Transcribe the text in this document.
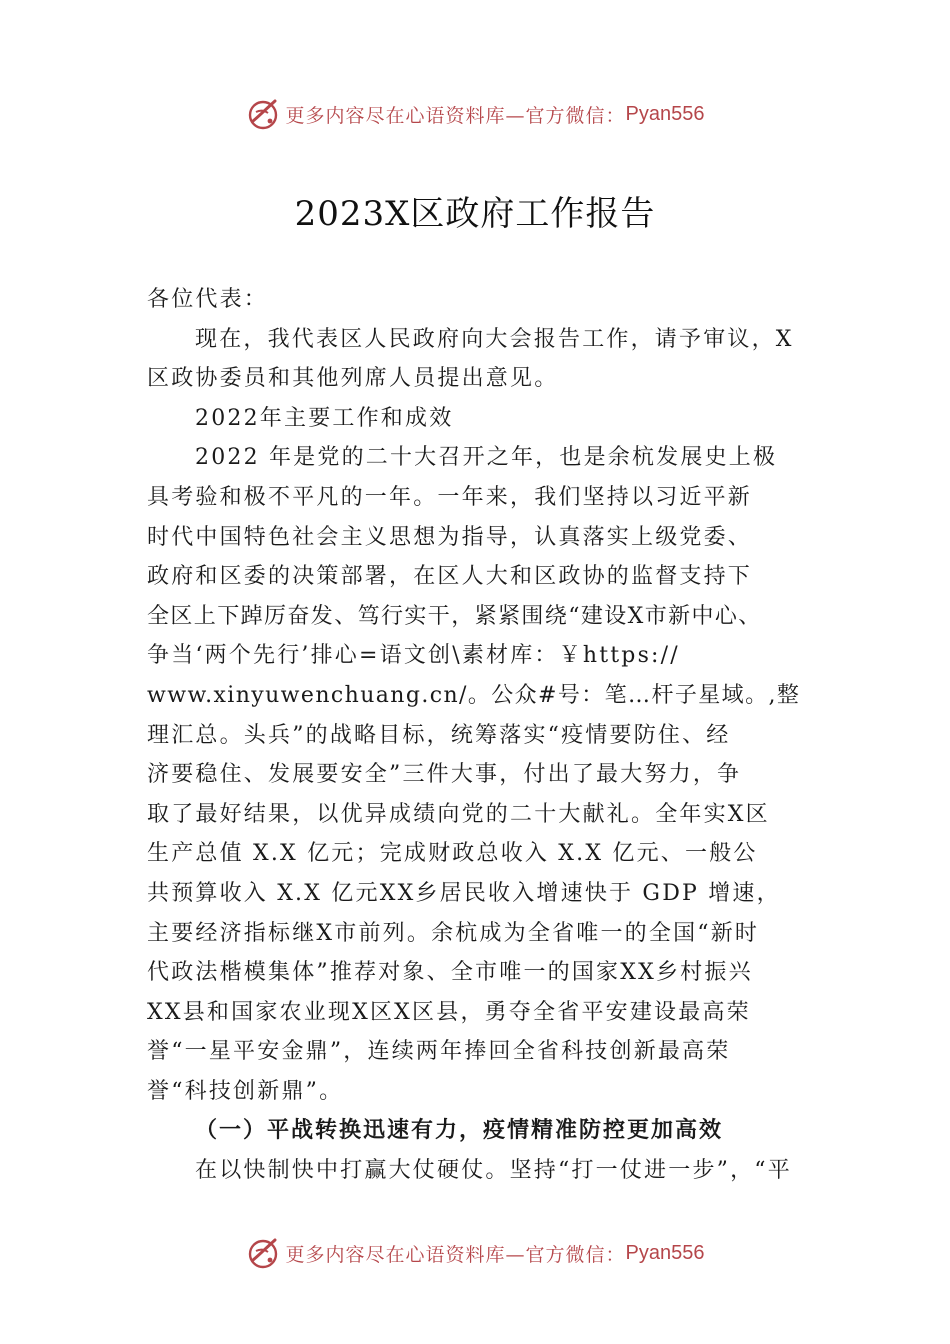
更多内容尽在心语资料库—官方微信： Pyan556
2023X区政府工作报告
各位代表：
现在，我代表区人民政府向大会报告工作，请予审议，X
区政协委员和其他列席人员提出意见。
2022年主要工作和成效
2022 年是党的二十大召开之年，也是余杭发展史上极
具考验和极不平凡的一年。一年来，我们坚持以习近平新
时代中国特色社会主义思想为指导，认真落实上级党委、
政府和区委的决策部署，在区人大和区政协的监督支持下
全区上下踔厉奋发、笃行实干，紧紧围绕“建设X市新中心、
争当‘两个先行’排心=语文创\素材库：￥https://
www.xinyuwenchuang.cn/。公众#号：笔…杆子星域。,整
理汇总。头兵”的战略目标，统筹落实“疫情要防住、经
济要稳住、发展要安全”三件大事，付出了最大努力，争
取了最好结果，以优异成绩向党的二十大献礼。全年实X区
生产总值 X.X 亿元；完成财政总收入 X.X 亿元、一般公
共预算收入 X.X 亿元XX乡居民收入增速快于 GDP 增速，
主要经济指标继X市前列。余杭成为全省唯一的全国“新时
代政法楷模集体”推荐对象、全市唯一的国家XX乡村振兴
XX县和国家农业现X区X区县，勇夺全省平安建设最高荣
誉“一星平安金鼎”，连续两年捧回全省科技创新最高荣
誉“科技创新鼎”。
（一）平战转换迅速有力，疫情精准防控更加高效
在以快制快中打赢大仗硬仗。坚持“打一仗进一步”，“平
更多内容尽在心语资料库—官方微信： Pyan556
